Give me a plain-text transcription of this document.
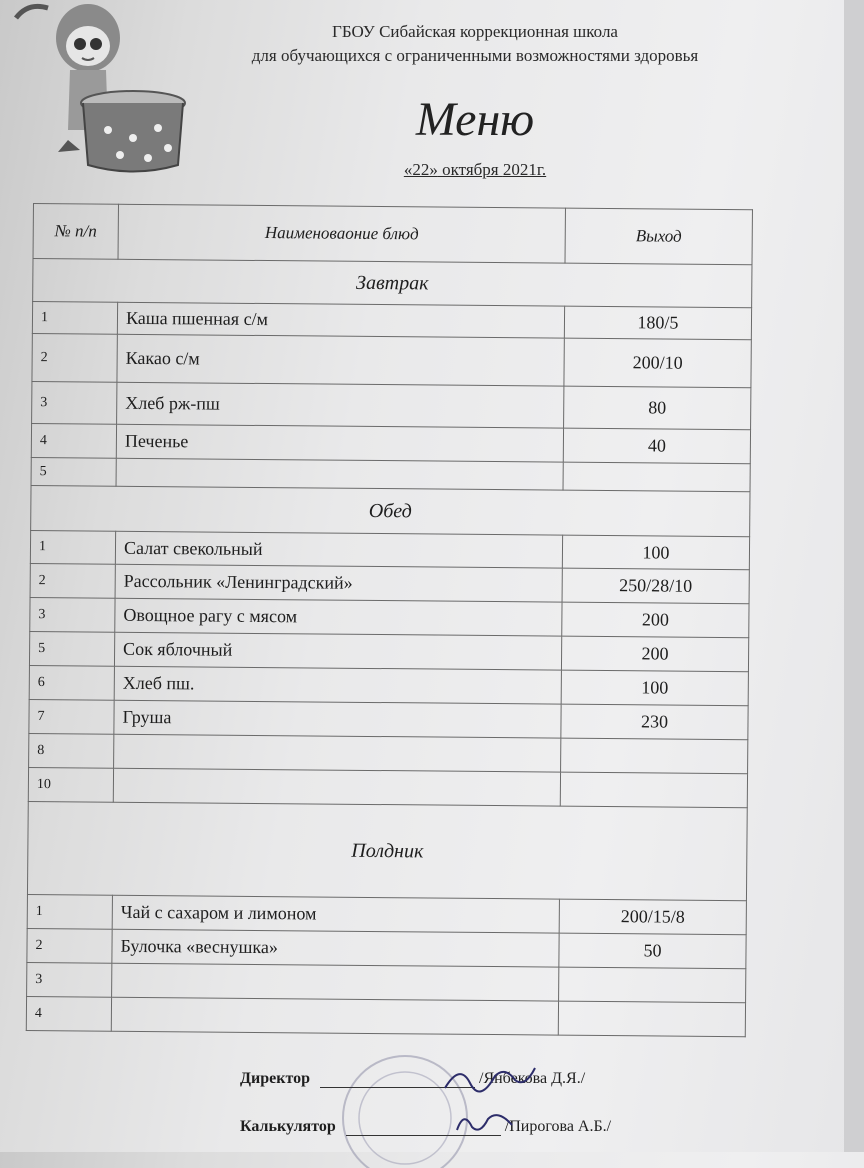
ГБОУ Сибайская коррекционная школа
для обучающихся с ограниченными возможностями здоровья
Меню
«22» октября 2021г.
№ п/п	Наименоваоние блюд	Выход
Завтрак		
1	Каша пшенная с/м	180/5
2	Какао с/м	200/10
3	Хлеб рж-пш	80
4	Печенье	40
5		
Обед		
1	Салат свекольный	100
2	Рассольник «Ленинградский»	250/28/10
3	Овощное рагу с мясом	200
5	Сок яблочный	200
6	Хлеб пш.	100
7	Груша	230
8		
10		
Полдник		
1	Чай с сахаром и лимоном	200/15/8
2	Булочка «веснушка»	50
3		
4		
Директор	/Янбекова Д.Я./
Калькулятор	/Пирогова А.Б./
